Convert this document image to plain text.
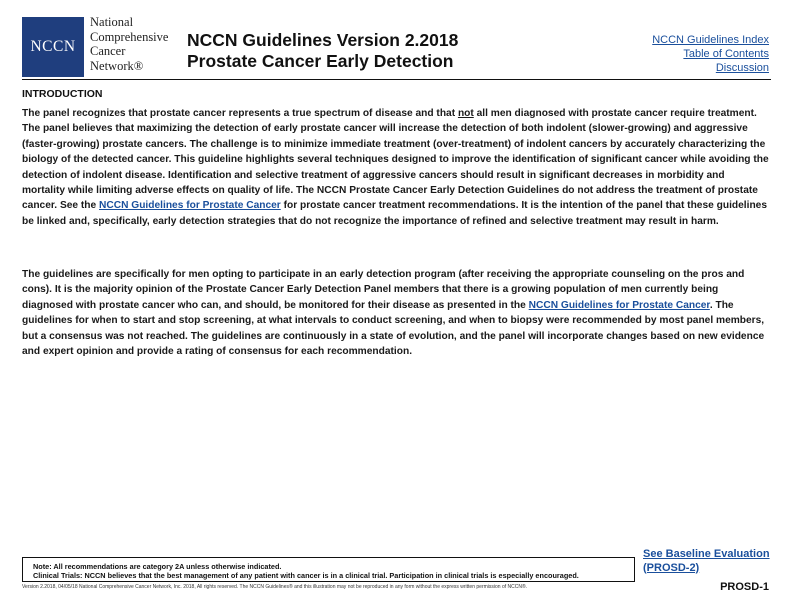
NCCN
National
Comprehensive
Cancer
Network®
NCCN Guidelines Version 2.2018
Prostate Cancer Early Detection
NCCN Guidelines Index
Table of Contents
Discussion
INTRODUCTION
The panel recognizes that prostate cancer represents a true spectrum of disease and that not all men diagnosed with prostate cancer require treatment. The panel believes that maximizing the detection of early prostate cancer will increase the detection of both indolent (slower-growing) and aggressive (faster-growing) prostate cancers. The challenge is to minimize immediate treatment (over-treatment) of indolent cancers by accurately characterizing the biology of the detected cancer. This guideline highlights several techniques designed to improve the identification of significant cancer while avoiding the detection of indolent disease. Identification and selective treatment of aggressive cancers should result in significant decreases in morbidity and mortality while limiting adverse effects on quality of life. The NCCN Prostate Cancer Early Detection Guidelines do not address the treatment of prostate cancer. See the NCCN Guidelines for Prostate Cancer for prostate cancer treatment recommendations. It is the intention of the panel that these guidelines be linked and, specifically, early detection strategies that do not recognize the importance of refined and selective treatment may result in harm.
The guidelines are specifically for men opting to participate in an early detection program (after receiving the appropriate counseling on the pros and cons). It is the majority opinion of the Prostate Cancer Early Detection Panel members that there is a growing population of men currently being diagnosed with prostate cancer who can, and should, be monitored for their disease as presented in the NCCN Guidelines for Prostate Cancer. The guidelines for when to start and stop screening, at what intervals to conduct screening, and when to biopsy were recommended by most panel members, but a consensus was not reached. The guidelines are continuously in a state of evolution, and the panel will incorporate changes based on new evidence and expert opinion and provide a rating of consensus for each recommendation.
Note: All recommendations are category 2A unless otherwise indicated.
Clinical Trials: NCCN believes that the best management of any patient with cancer is in a clinical trial. Participation in clinical trials is especially encouraged.
Version 2.2018, 04/05/18 National Comprehensive Cancer Network, Inc. 2018, All rights reserved. The NCCN Guidelines® and this illustration may not be reproduced in any form without the express written permission of NCCN®.
See Baseline Evaluation
(PROSD-2)
PROSD-1
